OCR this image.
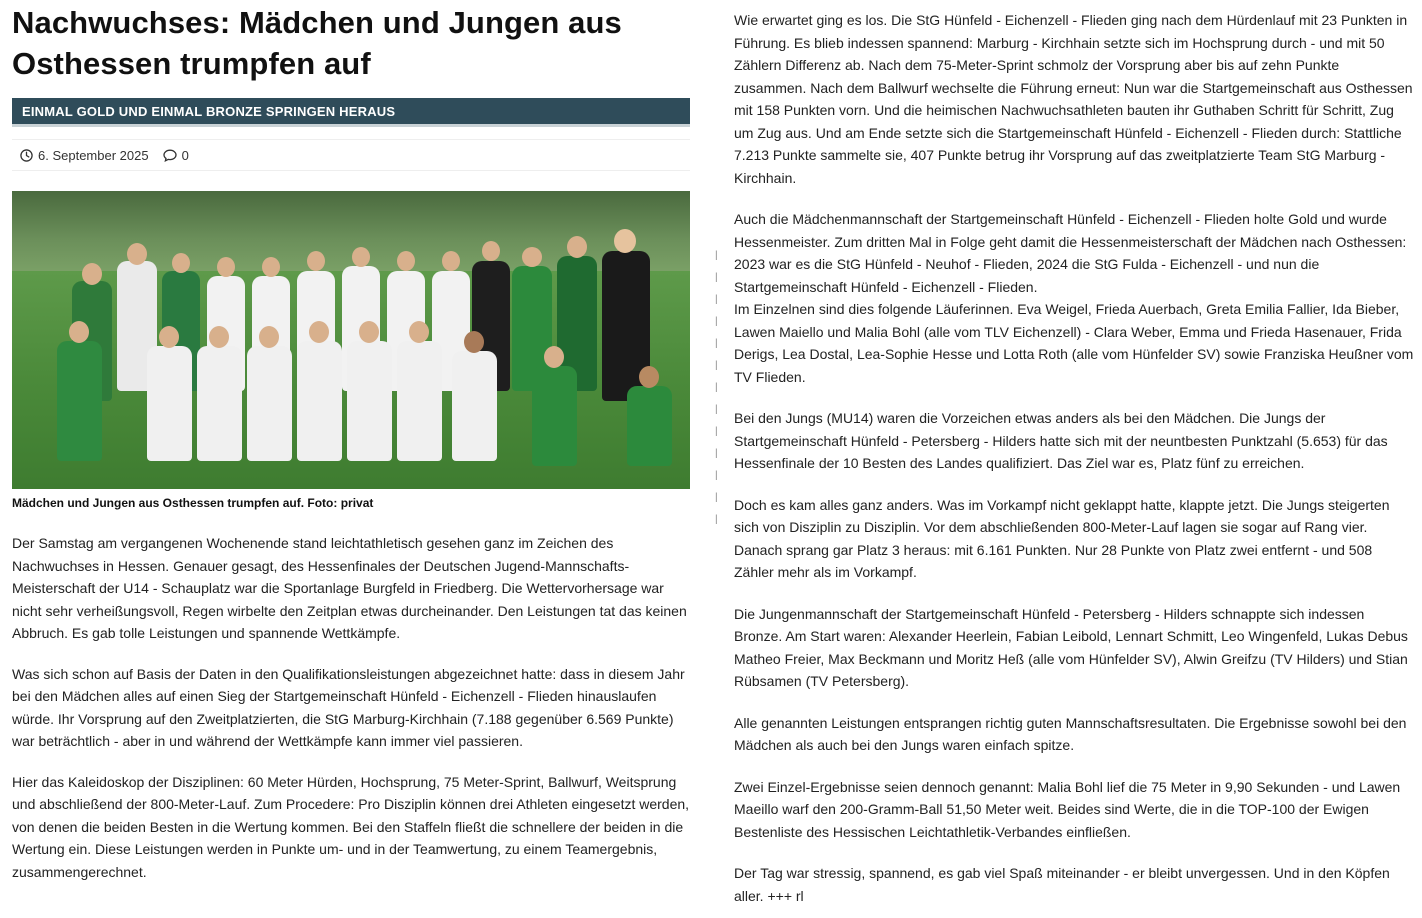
Nachwuchses: Mädchen und Jungen aus Osthessen trumpfen auf
EINMAL GOLD UND EINMAL BRONZE SPRINGEN HERAUS
6. September 2025	0
Mädchen und Jungen aus Osthessen trumpfen auf. Foto: privat

Der Samstag am vergangenen Wochenende stand leichtathletisch gesehen ganz im Zeichen des Nachwuchses in Hessen. Genauer gesagt, des Hessenfinales der Deutschen Jugend-Mannschafts-Meisterschaft der U14 - Schauplatz war die Sportanlage Burgfeld in Friedberg. Die Wettervorhersage war nicht sehr verheißungsvoll, Regen wirbelte den Zeitplan etwas durcheinander. Den Leistungen tat das keinen Abbruch. Es gab tolle Leistungen und spannende Wettkämpfe.

Was sich schon auf Basis der Daten in den Qualifikationsleistungen abgezeichnet hatte: dass in diesem Jahr bei den Mädchen alles auf einen Sieg der Startgemeinschaft Hünfeld - Eichenzell - Flieden hinauslaufen würde. Ihr Vorsprung auf den Zweitplatzierten, die StG Marburg-Kirchhain (7.188 gegenüber 6.569 Punkte) war beträchtlich - aber in und während der Wettkämpfe kann immer viel passieren.

Hier das Kaleidoskop der Disziplinen: 60 Meter Hürden, Hochsprung, 75 Meter-Sprint, Ballwurf, Weitsprung und abschließend der 800-Meter-Lauf. Zum Procedere: Pro Disziplin können drei Athleten eingesetzt werden, von denen die beiden Besten in die Wertung kommen. Bei den Staffeln fließt die schnellere der beiden in die Wertung ein. Diese Leistungen werden in Punkte um- und in der Teamwertung, zu einem Teamergebnis, zusammengerechnet.

|
|
|
|
|
|
|
|
|
|
|
|
|

Wie erwartet ging es los. Die StG Hünfeld - Eichenzell - Flieden ging nach dem Hürdenlauf mit 23 Punkten in Führung. Es blieb indessen spannend: Marburg - Kirchhain setzte sich im Hochsprung durch - und mit 50 Zählern Differenz ab. Nach dem 75-Meter-Sprint schmolz der Vorsprung aber bis auf zehn Punkte zusammen. Nach dem Ballwurf wechselte die Führung erneut: Nun war die Startgemeinschaft aus Osthessen mit 158 Punkten vorn. Und die heimischen Nachwuchsathleten bauten ihr Guthaben Schritt für Schritt, Zug um Zug aus. Und am Ende setzte sich die Startgemeinschaft Hünfeld - Eichenzell - Flieden durch: Stattliche 7.213 Punkte sammelte sie, 407 Punkte betrug ihr Vorsprung auf das zweitplatzierte Team StG Marburg - Kirchhain.

Auch die Mädchenmannschaft der Startgemeinschaft Hünfeld - Eichenzell - Flieden holte Gold und wurde Hessenmeister. Zum dritten Mal in Folge geht damit die Hessenmeisterschaft der Mädchen nach Osthessen: 2023 war es die StG Hünfeld - Neuhof - Flieden, 2024 die StG Fulda - Eichenzell - und nun die Startgemeinschaft Hünfeld - Eichenzell - Flieden.

Im Einzelnen sind dies folgende Läuferinnen. Eva Weigel, Frieda Auerbach, Greta Emilia Fallier, Ida Bieber, Lawen Maiello und Malia Bohl (alle vom TLV Eichenzell) - Clara Weber, Emma und Frieda Hasenauer, Frida Derigs, Lea Dostal, Lea-Sophie Hesse und Lotta Roth (alle vom Hünfelder SV) sowie Franziska Heußner vom TV Flieden.

Bei den Jungs (MU14) waren die Vorzeichen etwas anders als bei den Mädchen. Die Jungs der Startgemeinschaft Hünfeld - Petersberg - Hilders hatte sich mit der neuntbesten Punktzahl (5.653) für das Hessenfinale der 10 Besten des Landes qualifiziert. Das Ziel war es, Platz fünf zu erreichen.

Doch es kam alles ganz anders. Was im Vorkampf nicht geklappt hatte, klappte jetzt. Die Jungs steigerten sich von Disziplin zu Disziplin. Vor dem abschließenden 800-Meter-Lauf lagen sie sogar auf Rang vier. Danach sprang gar Platz 3 heraus: mit 6.161 Punkten. Nur 28 Punkte von Platz zwei entfernt - und 508 Zähler mehr als im Vorkampf.

Die Jungenmannschaft der Startgemeinschaft Hünfeld - Petersberg - Hilders schnappte sich indessen Bronze. Am Start waren: Alexander Heerlein, Fabian Leibold, Lennart Schmitt, Leo Wingenfeld, Lukas Debus Matheo Freier, Max Beckmann und Moritz Heß (alle vom Hünfelder SV), Alwin Greifzu (TV Hilders) und Stian Rübsamen (TV Petersberg).

Alle genannten Leistungen entsprangen richtig guten Mannschaftsresultaten. Die Ergebnisse sowohl bei den Mädchen als auch bei den Jungs waren einfach spitze.

Zwei Einzel-Ergebnisse seien dennoch genannt: Malia Bohl lief die 75 Meter in 9,90 Sekunden - und Lawen Maeillo warf den 200-Gramm-Ball 51,50 Meter weit. Beides sind Werte, die in die TOP-100 der Ewigen Bestenliste des Hessischen Leichtathletik-Verbandes einfließen.

Der Tag war stressig, spannend, es gab viel Spaß miteinander - er bleibt unvergessen. Und in den Köpfen aller. +++ rl
